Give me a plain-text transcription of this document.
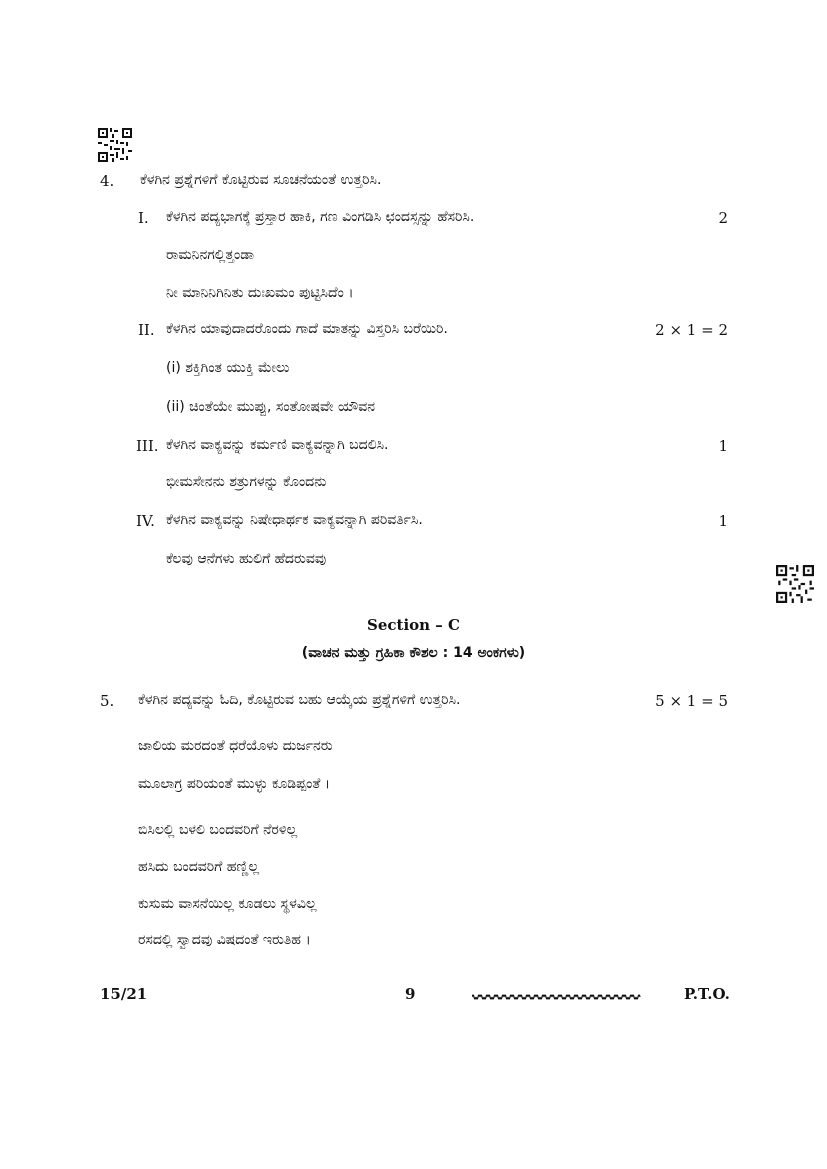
4. ಕೆಳಗಿನ ಪ್ರಶ್ನೆಗಳಿಗೆ ಕೊಟ್ಟಿರುವ ಸೂಚನೆಯಂತೆ ಉತ್ತರಿಸಿ.
I. ಕೆಳಗಿನ ಪದ್ಯಭಾಗಕ್ಕೆ ಪ್ರಸ್ತಾರ ಹಾಕಿ, ಗಣ ವಿಂಗಡಿಸಿ ಛಂದಸ್ಸನ್ನು ಹೆಸರಿಸಿ.	2
ರಾಮನಿನಗಲ್ಲಿತ್ತಂಡಾ
ನೀ ಮಾನಿನಿಗಿನಿತು ದುಃಖಮಂ ಪುಟ್ಟಿಸಿದೆಂ ।
II. ಕೆಳಗಿನ ಯಾವುದಾದರೊಂದು ಗಾದೆ ಮಾತನ್ನು ವಿಸ್ತರಿಸಿ ಬರೆಯಿರಿ.	2 × 1 = 2
(i) ಶಕ್ತಿಗಿಂತ ಯುಕ್ತಿ ಮೇಲು
(ii) ಚಿಂತೆಯೇ ಮುಪ್ಪು, ಸಂತೋಷವೇ ಯೌವನ
III. ಕೆಳಗಿನ ವಾಕ್ಯವನ್ನು ಕರ್ಮಣಿ ವಾಕ್ಯವನ್ನಾಗಿ ಬದಲಿಸಿ.	1
ಭೀಮಸೇನನು ಶತ್ರುಗಳನ್ನು ಕೊಂದನು
IV. ಕೆಳಗಿನ ವಾಕ್ಯವನ್ನು ನಿಷೇಧಾರ್ಥಕ ವಾಕ್ಯವನ್ನಾಗಿ ಪರಿವರ್ತಿಸಿ.	1
ಕೆಲವು ಆನೆಗಳು ಹುಲಿಗೆ ಹೆದರುವವು
Section – C
(ವಾಚನ ಮತ್ತು ಗ್ರಹಿಕಾ ಕೌಶಲ : 14 ಅಂಕಗಳು)
5. ಕೆಳಗಿನ ಪದ್ಯವನ್ನು ಓದಿ, ಕೊಟ್ಟಿರುವ ಬಹು ಆಯ್ಕೆಯ ಪ್ರಶ್ನೆಗಳಿಗೆ ಉತ್ತರಿಸಿ.	5 × 1 = 5
ಜಾಲಿಯ ಮರದಂತೆ ಧರೆಯೊಳು ದುರ್ಜನರು
ಮೂಲಾಗ್ರ ಪರಿಯಂತೆ ಮುಳ್ಳು ಕೂಡಿಪ್ಪಂತೆ ।
ಬಿಸಿಲಲ್ಲಿ ಬಳಲಿ ಬಂದವರಿಗೆ ನೆರಳಿಲ್ಲ
ಹಸಿದು ಬಂದವರಿಗೆ ಹಣ್ಣಿಲ್ಲ
ಕುಸುಮ ವಾಸನೆಯಿಲ್ಲ ಕೂಡಲು ಸ್ಥಳವಿಲ್ಲ
ರಸದಲ್ಲಿ ಸ್ವಾದವು ವಿಷದಂತೆ ಇರುತಿಹ ।
15/21	9	P.T.O.
